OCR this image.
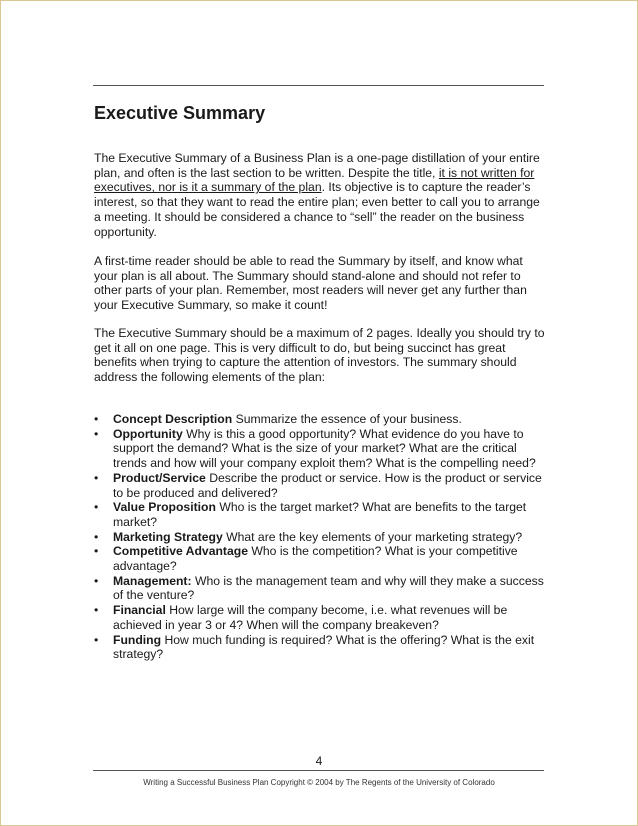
Executive Summary

The Executive Summary of a Business Plan is a one-page distillation of your entire plan, and often is the last section to be written. Despite the title, it is not written for executives, nor is it a summary of the plan. Its objective is to capture the reader’s interest, so that they want to read the entire plan; even better to call you to arrange a meeting. It should be considered a chance to “sell” the reader on the business opportunity.

A first-time reader should be able to read the Summary by itself, and know what your plan is all about. The Summary should stand-alone and should not refer to other parts of your plan. Remember, most readers will never get any further than your Executive Summary, so make it count!

The Executive Summary should be a maximum of 2 pages. Ideally you should try to get it all on one page. This is very difficult to do, but being succinct has great benefits when trying to capture the attention of investors. The summary should address the following elements of the plan:

•	Concept Description Summarize the essence of your business.
•	Opportunity Why is this a good opportunity? What evidence do you have to support the demand? What is the size of your market? What are the critical trends and how will your company exploit them? What is the compelling need?
•	Product/Service Describe the product or service. How is the product or service to be produced and delivered?
•	Value Proposition Who is the target market? What are benefits to the target market?
•	Marketing Strategy What are the key elements of your marketing strategy?
•	Competitive Advantage Who is the competition? What is your competitive advantage?
•	Management: Who is the management team and why will they make a success of the venture?
•	Financial How large will the company become, i.e. what revenues will be achieved in year 3 or 4? When will the company breakeven?
•	Funding How much funding is required? What is the offering? What is the exit strategy?
4
Writing a Successful Business Plan Copyright © 2004 by The Regents of the University of Colorado
